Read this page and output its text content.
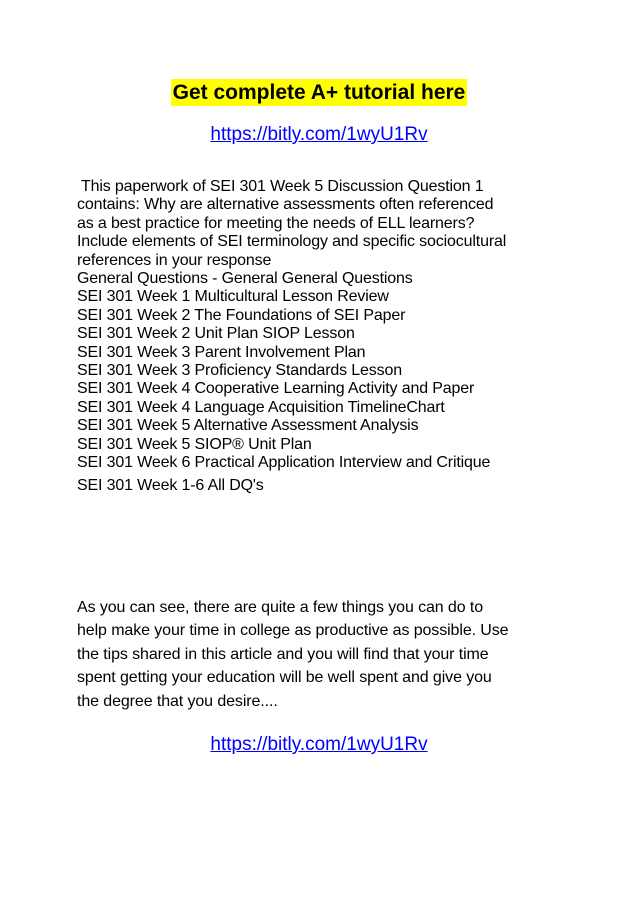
Get complete A+ tutorial here
https://bitly.com/1wyU1Rv
This paperwork of SEI 301 Week 5 Discussion Question 1
contains: Why are alternative assessments often referenced
as a best practice for meeting the needs of ELL learners?
Include elements of SEI terminology and specific sociocultural
references in your response
General Questions - General General Questions
SEI 301 Week 1 Multicultural Lesson Review
SEI 301 Week 2 The Foundations of SEI Paper
SEI 301 Week 2 Unit Plan SIOP Lesson
SEI 301 Week 3 Parent Involvement Plan
SEI 301 Week 3 Proficiency Standards Lesson
SEI 301 Week 4 Cooperative Learning Activity and Paper
SEI 301 Week 4 Language Acquisition TimelineChart
SEI 301 Week 5 Alternative Assessment Analysis
SEI 301 Week 5 SIOP® Unit Plan
SEI 301 Week 6 Practical Application Interview and Critique
SEI 301 Week 1-6 All DQ's
As you can see, there are quite a few things you can do to
help make your time in college as productive as possible. Use
the tips shared in this article and you will find that your time
spent getting your education will be well spent and give you
the degree that you desire....
https://bitly.com/1wyU1Rv
